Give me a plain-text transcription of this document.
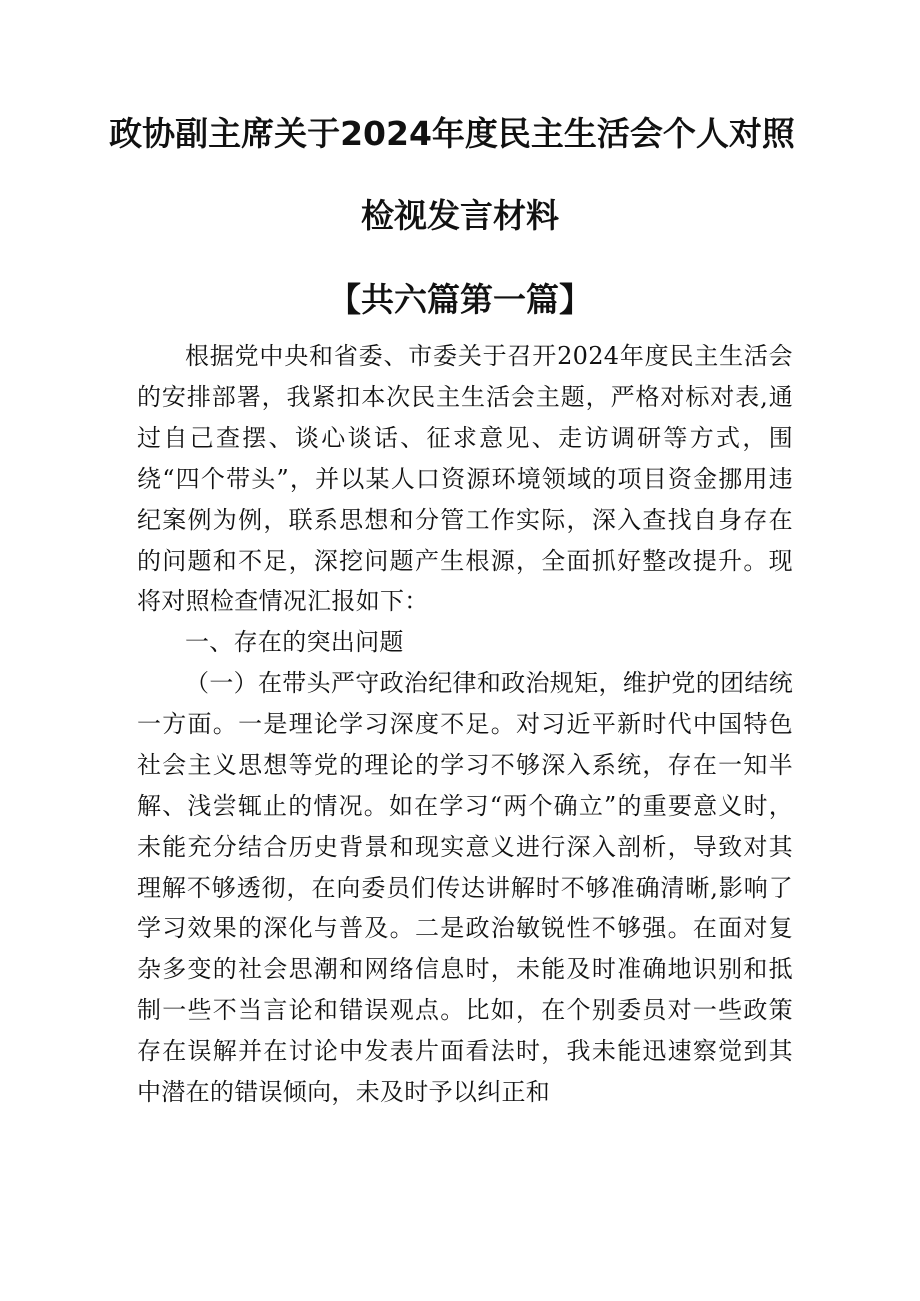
政协副主席关于2024年度民主生活会个人对照
检视发言材料
【共六篇第一篇】

根据党中央和省委、市委关于召开2024年度民主生活会的安排部署，我紧扣本次民主生活会主题，严格对标对表,通过自己查摆、谈心谈话、征求意见、走访调研等方式，围绕“四个带头”，并以某人口资源环境领域的项目资金挪用违纪案例为例，联系思想和分管工作实际，深入查找自身存在的问题和不足，深挖问题产生根源，全面抓好整改提升。现将对照检查情况汇报如下：

一、存在的突出问题

（一）在带头严守政治纪律和政治规矩，维护党的团结统一方面。一是理论学习深度不足。对习近平新时代中国特色社会主义思想等党的理论的学习不够深入系统，存在一知半解、浅尝辄止的情况。如在学习“两个确立”的重要意义时，未能充分结合历史背景和现实意义进行深入剖析，导致对其理解不够透彻，在向委员们传达讲解时不够准确清晰,影响了学习效果的深化与普及。二是政治敏锐性不够强。在面对复杂多变的社会思潮和网络信息时，未能及时准确地识别和抵制一些不当言论和错误观点。比如，在个别委员对一些政策存在误解并在讨论中发表片面看法时，我未能迅速察觉到其中潜在的错误倾向，未及时予以纠正和
